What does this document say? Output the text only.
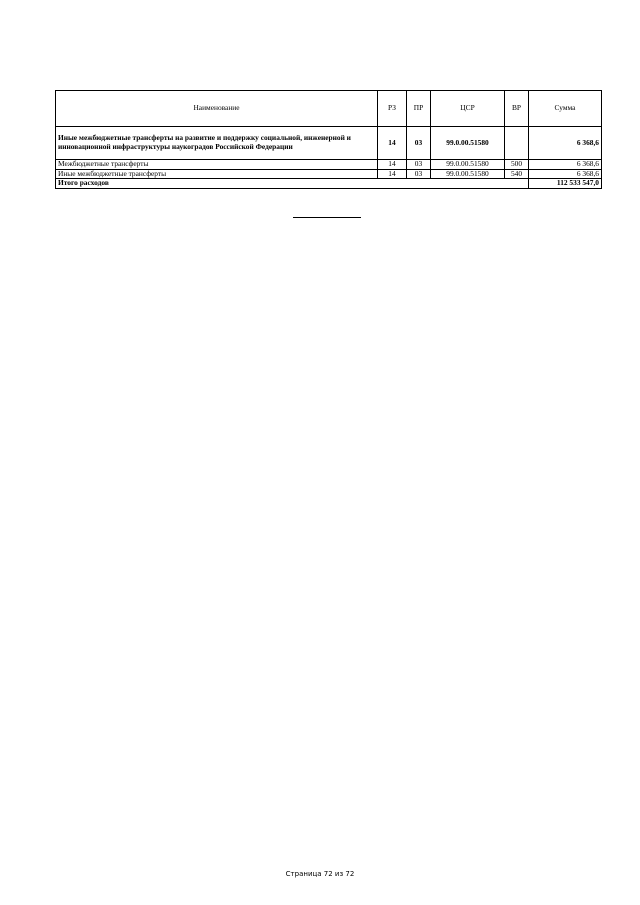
Наименование	РЗ	ПР	ЦСР	ВР	Сумма
Иные межбюджетные трансферты на развитие и поддержку социальной, инженерной и инновационной инфраструктуры наукоградов Российской Федерации	14	03	99.0.00.51580		6 368,6
Межбюджетные трансферты	14	03	99.0.00.51580	500	6 368,6
Иные межбюджетные трансферты	14	03	99.0.00.51580	540	6 368,6
Итого расходов					112 533 547,0
Страница 72 из 72
